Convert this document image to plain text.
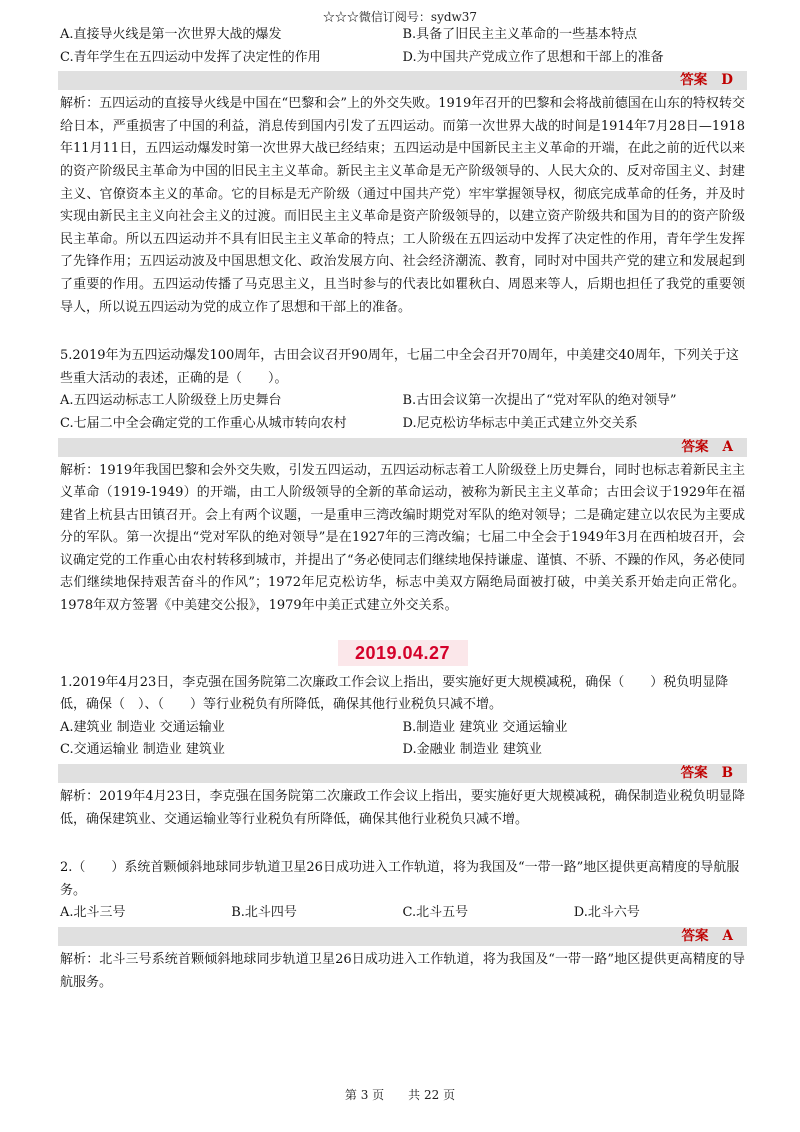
☆☆☆微信订阅号：sydw37
A.直接导火线是第一次世界大战的爆发	B.具备了旧民主主义革命的一些基本特点
C.青年学生在五四运动中发挥了决定性的作用	D.为中国共产党成立作了思想和干部上的准备
答案 D
解析：五四运动的直接导火线是中国在“巴黎和会”上的外交失败。1919年召开的巴黎和会将战前德国在山东的特权转交给日本，严重损害了中国的利益，消息传到国内引发了五四运动。而第一次世界大战的时间是1914年7月28日—1918年11月11日，五四运动爆发时第一次世界大战已经结束；五四运动是中国新民主主义革命的开端，在此之前的近代以来的资产阶级民主革命为中国的旧民主主义革命。新民主主义革命是无产阶级领导的、人民大众的、反对帝国主义、封建主义、官僚资本主义的革命。它的目标是无产阶级（通过中国共产党）牢牢掌握领导权，彻底完成革命的任务，并及时实现由新民主主义向社会主义的过渡。而旧民主主义革命是资产阶级领导的，以建立资产阶级共和国为目的的资产阶级民主革命。所以五四运动并不具有旧民主主义革命的特点；工人阶级在五四运动中发挥了决定性的作用，青年学生发挥了先锋作用；五四运动波及中国思想文化、政治发展方向、社会经济潮流、教育，同时对中国共产党的建立和发展起到了重要的作用。五四运动传播了马克思主义，且当时参与的代表比如瞿秋白、周恩来等人，后期也担任了我党的重要领导人，所以说五四运动为党的成立作了思想和干部上的准备。
5.2019年为五四运动爆发100周年，古田会议召开90周年，七届二中全会召开70周年，中美建交40周年，下列关于这些重大活动的表述，正确的是（　　）。
A.五四运动标志工人阶级登上历史舞台	B.古田会议第一次提出了“党对军队的绝对领导”
C.七届二中全会确定党的工作重心从城市转向农村	D.尼克松访华标志中美正式建立外交关系
答案 A
解析：1919年我国巴黎和会外交失败，引发五四运动，五四运动标志着工人阶级登上历史舞台，同时也标志着新民主主义革命（1919-1949）的开端，由工人阶级领导的全新的革命运动，被称为新民主主义革命；古田会议于1929年在福建省上杭县古田镇召开。会上有两个议题，一是重申三湾改编时期党对军队的绝对领导；二是确定建立以农民为主要成分的军队。第一次提出“党对军队的绝对领导”是在1927年的三湾改编；七届二中全会于1949年3月在西柏坡召开，会议确定党的工作重心由农村转移到城市，并提出了“务必使同志们继续地保持谦虚、谨慎、不骄、不躁的作风，务必使同志们继续地保持艰苦奋斗的作风”；1972年尼克松访华，标志中美双方隔绝局面被打破，中美关系开始走向正常化。1978年双方签署《中美建交公报》，1979年中美正式建立外交关系。
2019.04.27
1.2019年4月23日，李克强在国务院第二次廉政工作会议上指出，要实施好更大规模减税，确保（　　）税负明显降低，确保（　）、（　　）等行业税负有所降低，确保其他行业税负只减不增。
A.建筑业 制造业 交通运输业	B.制造业 建筑业 交通运输业
C.交通运输业 制造业 建筑业	D.金融业 制造业 建筑业
答案 B
解析：2019年4月23日，李克强在国务院第二次廉政工作会议上指出，要实施好更大规模减税，确保制造业税负明显降低，确保建筑业、交通运输业等行业税负有所降低，确保其他行业税负只减不增。
2.（　　）系统首颗倾斜地球同步轨道卫星26日成功进入工作轨道，将为我国及“一带一路”地区提供更高精度的导航服务。
A.北斗三号	B.北斗四号	C.北斗五号	D.北斗六号
答案 A
解析：北斗三号系统首颗倾斜地球同步轨道卫星26日成功进入工作轨道，将为我国及“一带一路”地区提供更高精度的导航服务。
第 3 页　　共 22 页
